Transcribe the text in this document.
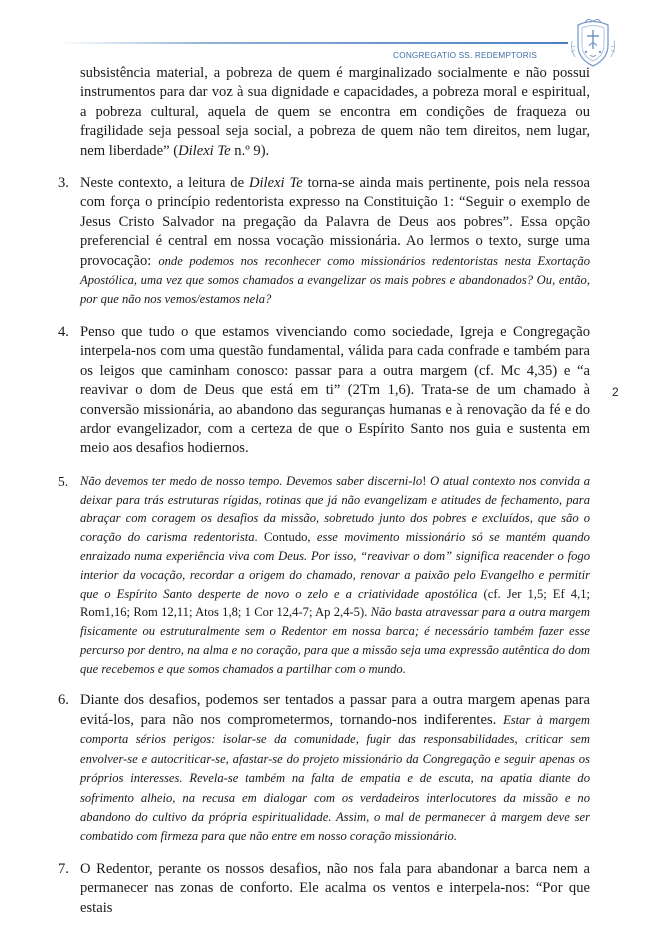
CONGREGATIO SS. REDEMPTORIS
2

subsistência material, a pobreza de quem é marginalizado socialmente e não possui instrumentos para dar voz à sua dignidade e capacidades, a pobreza moral e espiritual, a pobreza cultural, aquela de quem se encontra em condições de fraqueza ou fragilidade seja pessoal seja social, a pobreza de quem não tem direitos, nem lugar, nem liberdade” (Dilexi Te n.º 9).

3. Neste contexto, a leitura de Dilexi Te torna-se ainda mais pertinente, pois nela ressoa com força o princípio redentorista expresso na Constituição 1: “Seguir o exemplo de Jesus Cristo Salvador na pregação da Palavra de Deus aos pobres”. Essa opção preferencial é central em nossa vocação missionária. Ao lermos o texto, surge uma provocação: onde podemos nos reconhecer como missionários redentoristas nesta Exortação Apostólica, uma vez que somos chamados a evangelizar os mais pobres e abandonados? Ou, então, por que não nos vemos/estamos nela?

4. Penso que tudo o que estamos vivenciando como sociedade, Igreja e Congregação interpela-nos com uma questão fundamental, válida para cada confrade e também para os leigos que caminham conosco: passar para a outra margem (cf. Mc 4,35) e “a reavivar o dom de Deus que está em ti” (2Tm 1,6). Trata-se de um chamado à conversão missionária, ao abandono das seguranças humanas e à renovação da fé e do ardor evangelizador, com a certeza de que o Espírito Santo nos guia e sustenta em meio aos desafios hodiernos.

5. Não devemos ter medo de nosso tempo. Devemos saber discerni-lo! O atual contexto nos convida a deixar para trás estruturas rígidas, rotinas que já não evangelizam e atitudes de fechamento, para abraçar com coragem os desafios da missão, sobretudo junto dos pobres e excluídos, que são o coração do carisma redentorista. Contudo, esse movimento missionário só se mantém quando enraizado numa experiência viva com Deus. Por isso, “reavivar o dom” significa reacender o fogo interior da vocação, recordar a origem do chamado, renovar a paixão pelo Evangelho e permitir que o Espírito Santo desperte de novo o zelo e a criatividade apostólica (cf. Jer 1,5; Ef 4,1; Rom1,16; Rom 12,11; Atos 1,8; 1 Cor 12,4-7; Ap 2,4-5). Não basta atravessar para a outra margem fisicamente ou estruturalmente sem o Redentor em nossa barca; é necessário também fazer esse percurso por dentro, na alma e no coração, para que a missão seja uma expressão autêntica do dom que recebemos e que somos chamados a partilhar com o mundo.

6. Diante dos desafios, podemos ser tentados a passar para a outra margem apenas para evitá-los, para não nos comprometermos, tornando-nos indiferentes. Estar à margem comporta sérios perigos: isolar-se da comunidade, fugir das responsabilidades, criticar sem envolver-se e autocriticar-se, afastar-se do projeto missionário da Congregação e seguir apenas os próprios interesses. Revela-se também na falta de empatia e de escuta, na apatia diante do sofrimento alheio, na recusa em dialogar com os verdadeiros interlocutores da missão e no abandono do cultivo da própria espiritualidade. Assim, o mal de permanecer à margem deve ser combatido com firmeza para que não entre em nosso coração missionário.

7. O Redentor, perante os nossos desafios, não nos fala para abandonar a barca nem a permanecer nas zonas de conforto. Ele acalma os ventos e interpela-nos: “Por que estais
